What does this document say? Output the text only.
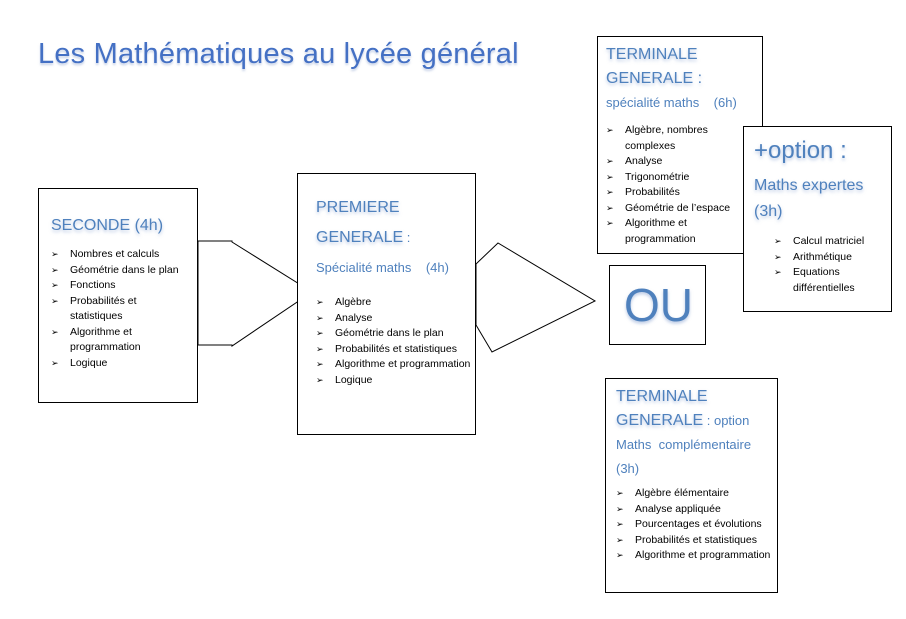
Les Mathématiques au lycée général
SECONDE (4h)
➢ Nombres et calculs
➢ Géométrie dans le plan
➢ Fonctions
➢ Probabilités et statistiques
➢ Algorithme et programmation
➢ Logique
PREMIERE
GENERALE :
Spécialité maths    (4h)
➢ Algèbre
➢ Analyse
➢ Géométrie dans le plan
➢ Probabilités et statistiques
➢ Algorithme et programmation
➢ Logique
TERMINALE
GENERALE :
spécialité maths    (6h)
➢ Algèbre, nombres complexes
➢ Analyse
➢ Trigonométrie
➢ Probabilités
➢ Géométrie de l’espace
➢ Algorithme et programmation
+option :
Maths expertes
(3h)
➢ Calcul matriciel
➢ Arithmétique
➢ Equations différentielles
OU
TERMINALE
GENERALE : option
Maths  complémentaire
(3h)
➢ Algèbre élémentaire
➢ Analyse appliquée
➢ Pourcentages et évolutions
➢ Probabilités et statistiques
➢ Algorithme et programmation
